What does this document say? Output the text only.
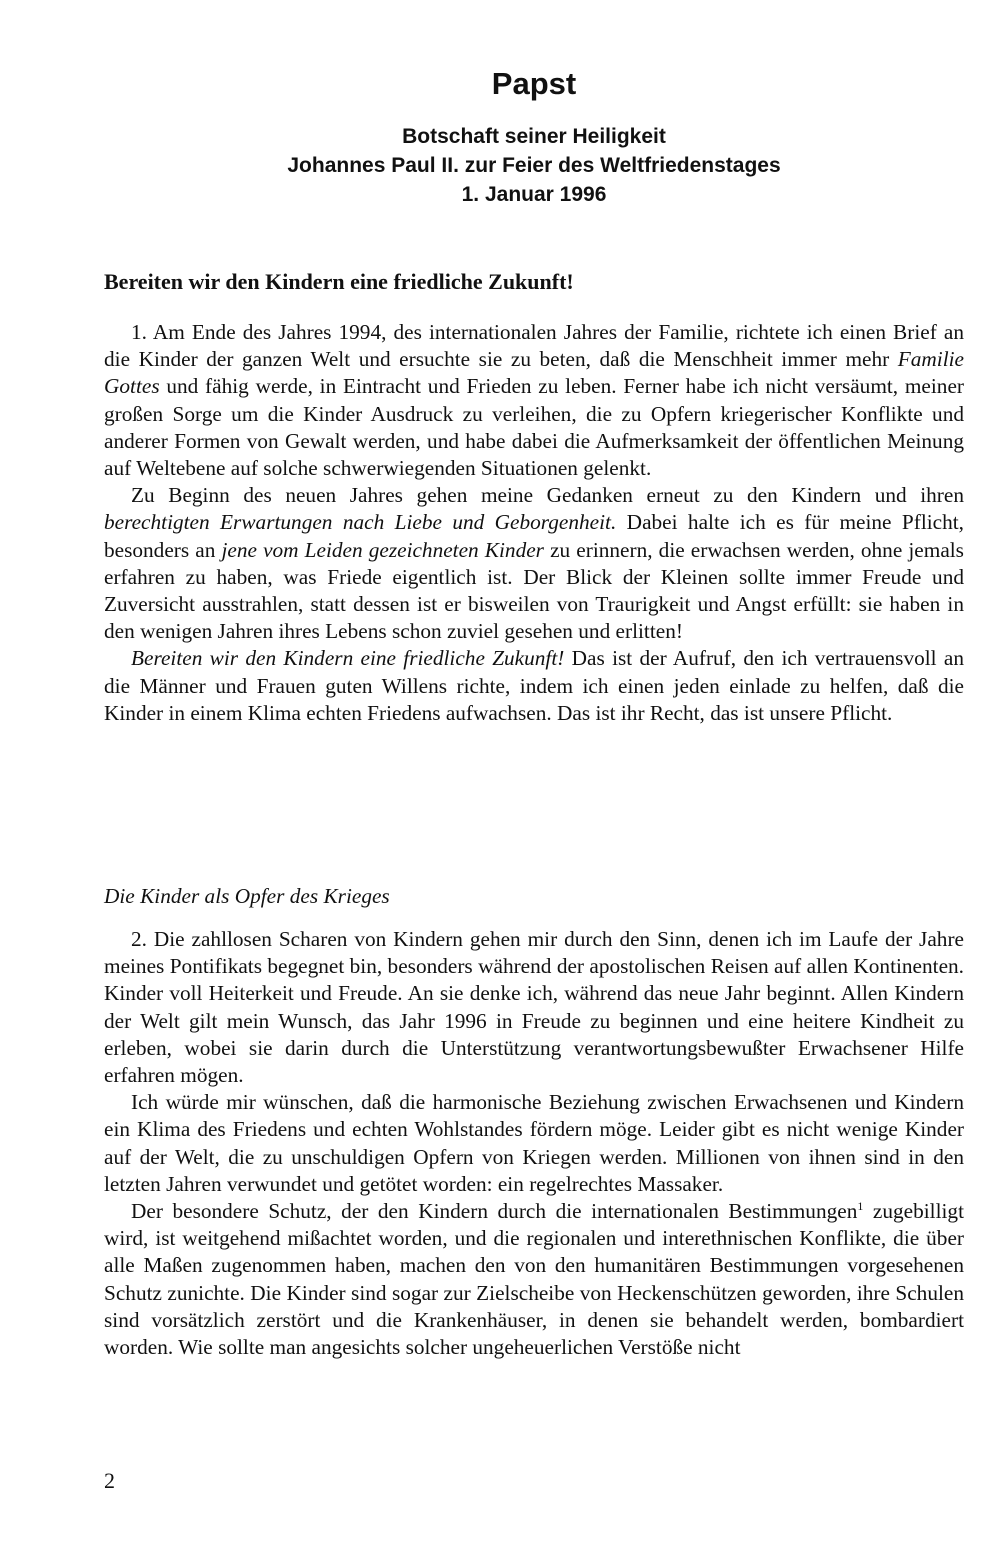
Papst
Botschaft seiner Heiligkeit
Johannes Paul II. zur Feier des Weltfriedenstages
1. Januar 1996
Bereiten wir den Kindern eine friedliche Zukunft!

1. Am Ende des Jahres 1994, des internationalen Jahres der Familie, richtete ich einen Brief an die Kinder der ganzen Welt und ersuchte sie zu beten, daß die Menschheit immer mehr Familie Gottes und fähig werde, in Eintracht und Frieden zu leben. Ferner habe ich nicht versäumt, meiner großen Sorge um die Kinder Ausdruck zu verleihen, die zu Opfern kriegerischer Konflikte und anderer Formen von Gewalt werden, und habe dabei die Aufmerksamkeit der öffentlichen Meinung auf Weltebene auf solche schwerwiegenden Situationen gelenkt.

Zu Beginn des neuen Jahres gehen meine Gedanken erneut zu den Kindern und ihren berechtigten Erwartungen nach Liebe und Geborgenheit. Dabei halte ich es für meine Pflicht, besonders an jene vom Leiden gezeichneten Kinder zu erinnern, die erwachsen werden, ohne jemals erfahren zu haben, was Friede eigentlich ist. Der Blick der Kleinen sollte immer Freude und Zuversicht ausstrahlen, statt dessen ist er bisweilen von Traurigkeit und Angst erfüllt: sie haben in den wenigen Jahren ihres Lebens schon zuviel gesehen und erlitten!

Bereiten wir den Kindern eine friedliche Zukunft! Das ist der Aufruf, den ich vertrauensvoll an die Männer und Frauen guten Willens richte, indem ich einen jeden einlade zu helfen, daß die Kinder in einem Klima echten Friedens aufwachsen. Das ist ihr Recht, das ist unsere Pflicht.

Die Kinder als Opfer des Krieges

2. Die zahllosen Scharen von Kindern gehen mir durch den Sinn, denen ich im Laufe der Jahre meines Pontifikats begegnet bin, besonders während der apostolischen Reisen auf allen Kontinenten. Kinder voll Heiterkeit und Freude. An sie denke ich, während das neue Jahr beginnt. Allen Kindern der Welt gilt mein Wunsch, das Jahr 1996 in Freude zu beginnen und eine heitere Kindheit zu erleben, wobei sie darin durch die Unterstützung verantwortungsbewußter Erwachsener Hilfe erfahren mögen.

Ich würde mir wünschen, daß die harmonische Beziehung zwischen Erwachsenen und Kindern ein Klima des Friedens und echten Wohlstandes fördern möge. Leider gibt es nicht wenige Kinder auf der Welt, die zu unschuldigen Opfern von Kriegen werden. Millionen von ihnen sind in den letzten Jahren verwundet und getötet worden: ein regelrechtes Massaker.

Der besondere Schutz, der den Kindern durch die internationalen Bestimmungen$^1$ zugebilligt wird, ist weitgehend mißachtet worden, und die regionalen und interethnischen Konflikte, die über alle Maßen zugenommen haben, machen den von den humanitären Bestimmungen vorgesehenen Schutz zunichte. Die Kinder sind sogar zur Zielscheibe von Heckenschützen geworden, ihre Schulen sind vorsätzlich zerstört und die Krankenhäuser, in denen sie behandelt werden, bombardiert worden. Wie sollte man angesichts solcher ungeheuerlichen Verstöße nicht

2
